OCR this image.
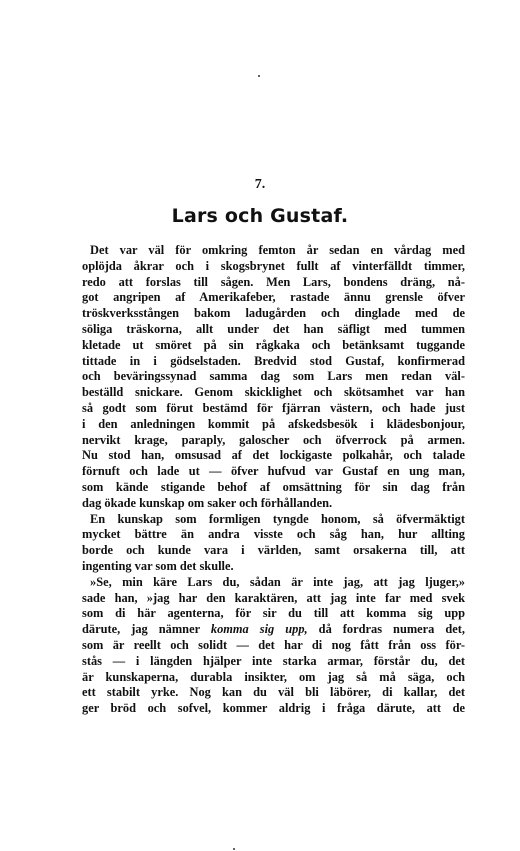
7.
Lars och Gustaf.
Det var väl för omkring femton år sedan en vårdag med
oplöjda åkrar och i skogsbrynet fullt af vinterfälldt timmer,
redo att forslas till sågen. Men Lars, bondens dräng, nå-
got angripen af Amerikafeber, rastade ännu grensle öfver
tröskverksstången bakom ladugården och dinglade med de
söliga träskorna, allt under det han säfligt med tummen
kletade ut smöret på sin rågkaka och betänksamt tuggande
tittade in i gödselstaden. Bredvid stod Gustaf, konfirmerad
och beväringssynad samma dag som Lars men redan väl-
beställd snickare. Genom skicklighet och skötsamhet var han
så godt som förut bestämd för fjärran västern, och hade just
i den anledningen kommit på afskedsbesök i klädesbonjour,
nervikt krage, paraply, galoscher och öfverrock på armen.
Nu stod han, omsusad af det lockigaste polkahår, och talade
förnuft och lade ut — öfver hufvud var Gustaf en ung man,
som kände stigande behof af omsättning för sin dag från
dag ökade kunskap om saker och förhållanden.
En kunskap som formligen tyngde honom, så öfvermäktigt
mycket bättre än andra visste och såg han, hur allting
borde och kunde vara i världen, samt orsakerna till, att
ingenting var som det skulle.
»Se, min käre Lars du, sådan är inte jag, att jag ljuger,»
sade han, »jag har den karaktären, att jag inte far med svek
som di här agenterna, för sir du till att komma sig upp
därute, jag nämner komma sig upp, då fordras numera det,
som är reellt och solidt — det har di nog fått från oss för-
stås — i längden hjälper inte starka armar, förstår du, det
är kunskaperna, durabla insikter, om jag så må säga, och
ett stabilt yrke. Nog kan du väl bli läbörer, di kallar, det
ger bröd och sofvel, kommer aldrig i fråga därute, att de
